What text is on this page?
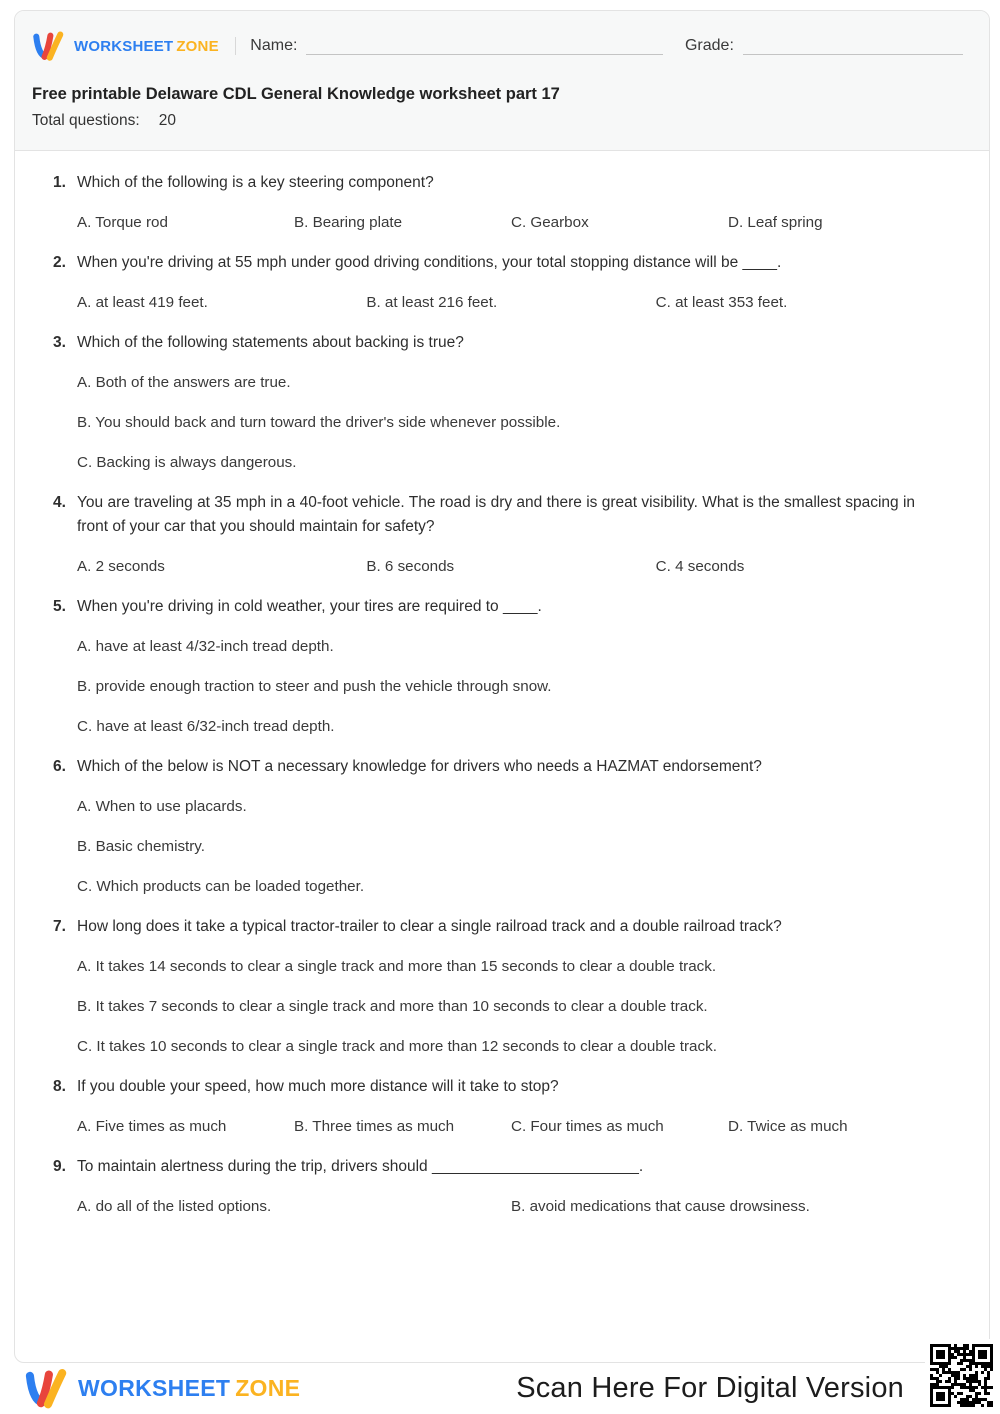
WORKSHEET ZONE Name:	Grade:
Free printable Delaware CDL General Knowledge worksheet part 17
Total questions: 20
1. Which of the following is a key steering component?
A. Torque rod	B. Bearing plate	C. Gearbox	D. Leaf spring
2. When you're driving at 55 mph under good driving conditions, your total stopping distance will be ____.
A. at least 419 feet.	B. at least 216 feet.	C. at least 353 feet.
3. Which of the following statements about backing is true?
A. Both of the answers are true.
B. You should back and turn toward the driver's side whenever possible.
C. Backing is always dangerous.
4. You are traveling at 35 mph in a 40-foot vehicle. The road is dry and there is great visibility. What is the smallest spacing in front of your car that you should maintain for safety?
A. 2 seconds	B. 6 seconds	C. 4 seconds
5. When you're driving in cold weather, your tires are required to ____.
A. have at least 4/32-inch tread depth.
B. provide enough traction to steer and push the vehicle through snow.
C. have at least 6/32-inch tread depth.
6. Which of the below is NOT a necessary knowledge for drivers who needs a HAZMAT endorsement?
A. When to use placards.
B. Basic chemistry.
C. Which products can be loaded together.
7. How long does it take a typical tractor-trailer to clear a single railroad track and a double railroad track?
A. It takes 14 seconds to clear a single track and more than 15 seconds to clear a double track.
B. It takes 7 seconds to clear a single track and more than 10 seconds to clear a double track.
C. It takes 10 seconds to clear a single track and more than 12 seconds to clear a double track.
8. If you double your speed, how much more distance will it take to stop?
A. Five times as much	B. Three times as much	C. Four times as much	D. Twice as much
9. To maintain alertness during the trip, drivers should ________________________.
A. do all of the listed options.	B. avoid medications that cause drowsiness.
WORKSHEET ZONE	Scan Here For Digital Version
